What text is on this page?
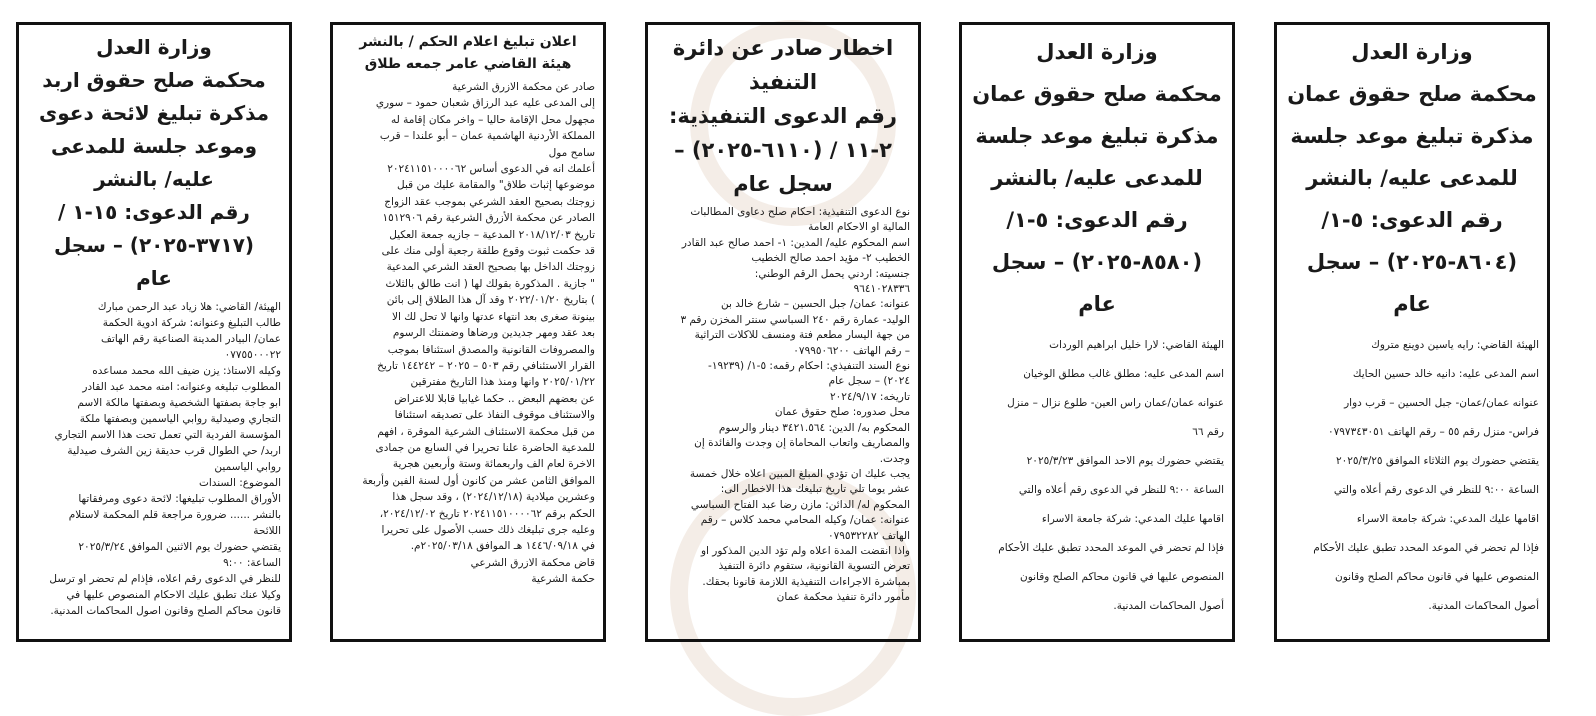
وزارة العدل

محكمة صلح حقوق عمان

مذكرة تبليغ موعد جلسة

للمدعى عليه/ بالنشر

رقم الدعوى: ٥-١/

(٨٦٠٤-٢٠٢٥) – سجل

عام

الهيئة القاضي: رايه ياسين دوينع متروك

اسم المدعى عليه: دانيه خالد حسين الحايك

عنوانه عمان/عمان- جبل الحسين – قرب دوار

فراس- منزل رقم ٥٥ – رقم الهاتف ٠٧٩٧٣٤٣٠٥١

يقتضي حضورك يوم الثلاثاء الموافق ٢٠٢٥/٣/٢٥

الساعة ٩:٠٠ للنظر في الدعوى رقم أعلاه والتي

اقامها عليك المدعي: شركة جامعة الاسراء

فإذا لم تحضر في الموعد المحدد تطبق عليك الأحكام

المنصوص عليها في قانون محاكم الصلح وقانون

أصول المحاكمات المدنية.

وزارة العدل

محكمة صلح حقوق عمان

مذكرة تبليغ موعد جلسة

للمدعى عليه/ بالنشر

رقم الدعوى: ٥-١/

(٨٥٨٠-٢٠٢٥) – سجل

عام

الهيئة القاضي: لارا خليل ابراهيم الوردات

اسم المدعى عليه: مطلق غالب مطلق الوخيان

عنوانه عمان/عمان راس العين- طلوع نزال – منزل

رقم ٦٦

يقتضي حضورك يوم الاحد الموافق ٢٠٢٥/٣/٢٣

الساعة ٩:٠٠ للنظر في الدعوى رقم أعلاه والتي

اقامها عليك المدعي: شركة جامعة الاسراء

فإذا لم تحضر في الموعد المحدد تطبق عليك الأحكام

المنصوص عليها في قانون محاكم الصلح وقانون

أصول المحاكمات المدنية.

اخطار صادر عن دائرة

التنفيذ

رقم الدعوى التنفيذية:

٢-١١ / (٦١١٠-٢٠٢٥) –

سجل عام

نوع الدعوى التنفيذية: احكام صلح دعاوى المطالبات

المالية او الاحكام العامة

اسم المحكوم عليه/ المدين: ١- احمد صالح عبد القادر

الخطيب ٢- مؤيد احمد صالح الخطيب

جنسيته: اردني يحمل الرقم الوطني:

٩٦٤١٠٢٨٣٣٦

عنوانه: عمان/ جبل الحسين – شارع خالد بن

الوليد- عمارة رقم ٢٤٠ السباسي سنتر المخزن رقم ٣

من جهة اليسار مطعم فتة ومنسف للاكلات التراثية

– رقم الهاتف ٠٧٩٩٥٠٦٢٠٠

نوع السند التنفيذي: احكام رقمه: ٥-١/ (١٩٢٣٩-

٢٠٢٤) – سجل عام

تاريخه: ٢٠٢٤/٩/١٧

محل صدوره: صلح حقوق عمان

المحكوم به/ الدين: ٣٤٢١.٥٦٤ دينار والرسوم

والمصاريف واتعاب المحاماة إن وجدت والفائدة إن

وجدت.

يجب عليك ان تؤدي المبلغ المبين اعلاه خلال خمسة

عشر يوما تلي تاريخ تبليغك هذا الاخطار الى:

المحكوم له/ الدائن: مازن رضا عبد الفتاح السباسي

عنوانه: عمان/ وكيله المحامي محمد كلاس – رقم

الهاتف ٠٧٩٥٣٢٢٨٢

واذا انقضت المدة اعلاه ولم تؤد الدين المذكور او

تعرض التسوية القانونية، ستقوم دائرة التنفيذ

بمباشرة الاجراءات التنفيذية اللازمة قانونا بحقك.

مأمور دائرة تنفيذ محكمة عمان

اعلان تبليغ اعلام الحكم / بالنشر

هيئة القاضي عامر جمعه طلاق

صادر عن محكمة الازرق الشرعية

إلى المدعى عليه عبد الرزاق شعبان حمود – سوري

مجهول محل الإقامة حاليا – واخر مكان إقامة له

المملكة الأردنية الهاشمية عمان – أبو علندا – قرب

سامح مول

أعلمك انه في الدعوى أساس ٢٠٢٤١١٥١٠٠٠٠٦٢

موضوعها إثبات طلاق" والمقامة عليك من قبل

زوجتك بصحيح العقد الشرعي بموجب عقد الزواج

الصادر عن محكمة الأزرق الشرعية رقم ١٥١٢٩٠٦

تاريخ ٢٠١٨/١٢/٠٣ المدعية – جازيه جمعة العكيل

قد حكمت ثبوت وقوع طلقة رجعية أولى منك على

زوجتك الداخل بها بصحيح العقد الشرعي المدعية

" جازية . المذكورة بقولك لها ( انت طالق بالثلاث

) بتاريخ ٢٠٢٢/٠١/٢٠ وقد آل هذا الطلاق إلى بائن

بينونة صغرى بعد انتهاء عدتها وانها لا تحل لك الا

بعد عقد ومهر جديدين ورضاها وضمنتك الرسوم

والمصروفات القانونية والمصدق استئنافا بموجب

القرار الاستئنافي رقم ٥٠٣ – ٢٠٢٥ – ١٤٤٢٤٢ تاريخ

٢٠٢٥/٠١/٢٢ وانها ومنذ هذا التاريخ مفترقين

عن بعضهم البعض .. حكما غيابيا قابلا للاعتراض

والاستئناف موقوف النفاذ على تصديقه استئنافا

من قبل محكمة الاستئناف الشرعية الموقرة ، افهم

للمدعية الحاضرة علنا تحريرا في السابع من جمادى

الاخرة لعام الف واربعمائة وستة وأربعين هجرية

الموافق الثامن عشر من كانون أول لسنة الفين وأربعة

وعشرين ميلادية (٢٠٢٤/١٢/١٨) ، وقد سجل هذا

الحكم برقم ٢٠٢٤١١٥١٠٠٠٠٦٢ تاريخ ٢٠٢٤/١٢/٠٢،

وعليه جرى تبليغك ذلك حسب الأصول على تحريرا

في ١٤٤٦/٠٩/١٨ هـ الموافق ٢٠٢٥/٠٣/١٨م.

قاض محكمة الازرق الشرعي

حكمة الشرعية

وزارة العدل

محكمة صلح حقوق اربد

مذكرة تبليغ لائحة دعوى

وموعد جلسة للمدعى

عليه/ بالنشر

رقم الدعوى: ١٥-١ /

(٣٧١٧-٢٠٢٥) – سجل

عام

الهيئة/ القاضي: هلا زياد عبد الرحمن مبارك

طالب التبليغ وعنوانه: شركة ادوية الحكمة

عمان/ البيادر المدينة الصناعية رقم الهاتف

٠٧٧٥٥٠٠٠٢٢

وكيله الاستاذ: يزن ضيف الله محمد مساعده

المطلوب تبليغه وعنوانه: امنه محمد عبد القادر

ابو جاجة بصفتها الشخصية وبصفتها مالكة الاسم

التجاري وصيدلية روابي الياسمين وبصفتها ملكة

المؤسسة الفردية التي تعمل تحت هذا الاسم التجاري

اربد/ حي الطوال قرب حديقة زين الشرف صيدلية

روابي الياسمين

الموضوع: السندات

الأوراق المطلوب تبليغها: لائحة دعوى ومرفقاتها

بالنشر ...... ضرورة مراجعة قلم المحكمة لاستلام

اللائحة

يقتضي حضورك يوم الاثنين الموافق ٢٠٢٥/٣/٢٤

الساعة: ٩:٠٠

للنظر في الدعوى رقم اعلاه، فإذام لم تحضر او ترسل

وكيلا عنك تطبق عليك الاحكام المنصوص عليها في

قانون محاكم الصلح وقانون اصول المحاكمات المدنية.
